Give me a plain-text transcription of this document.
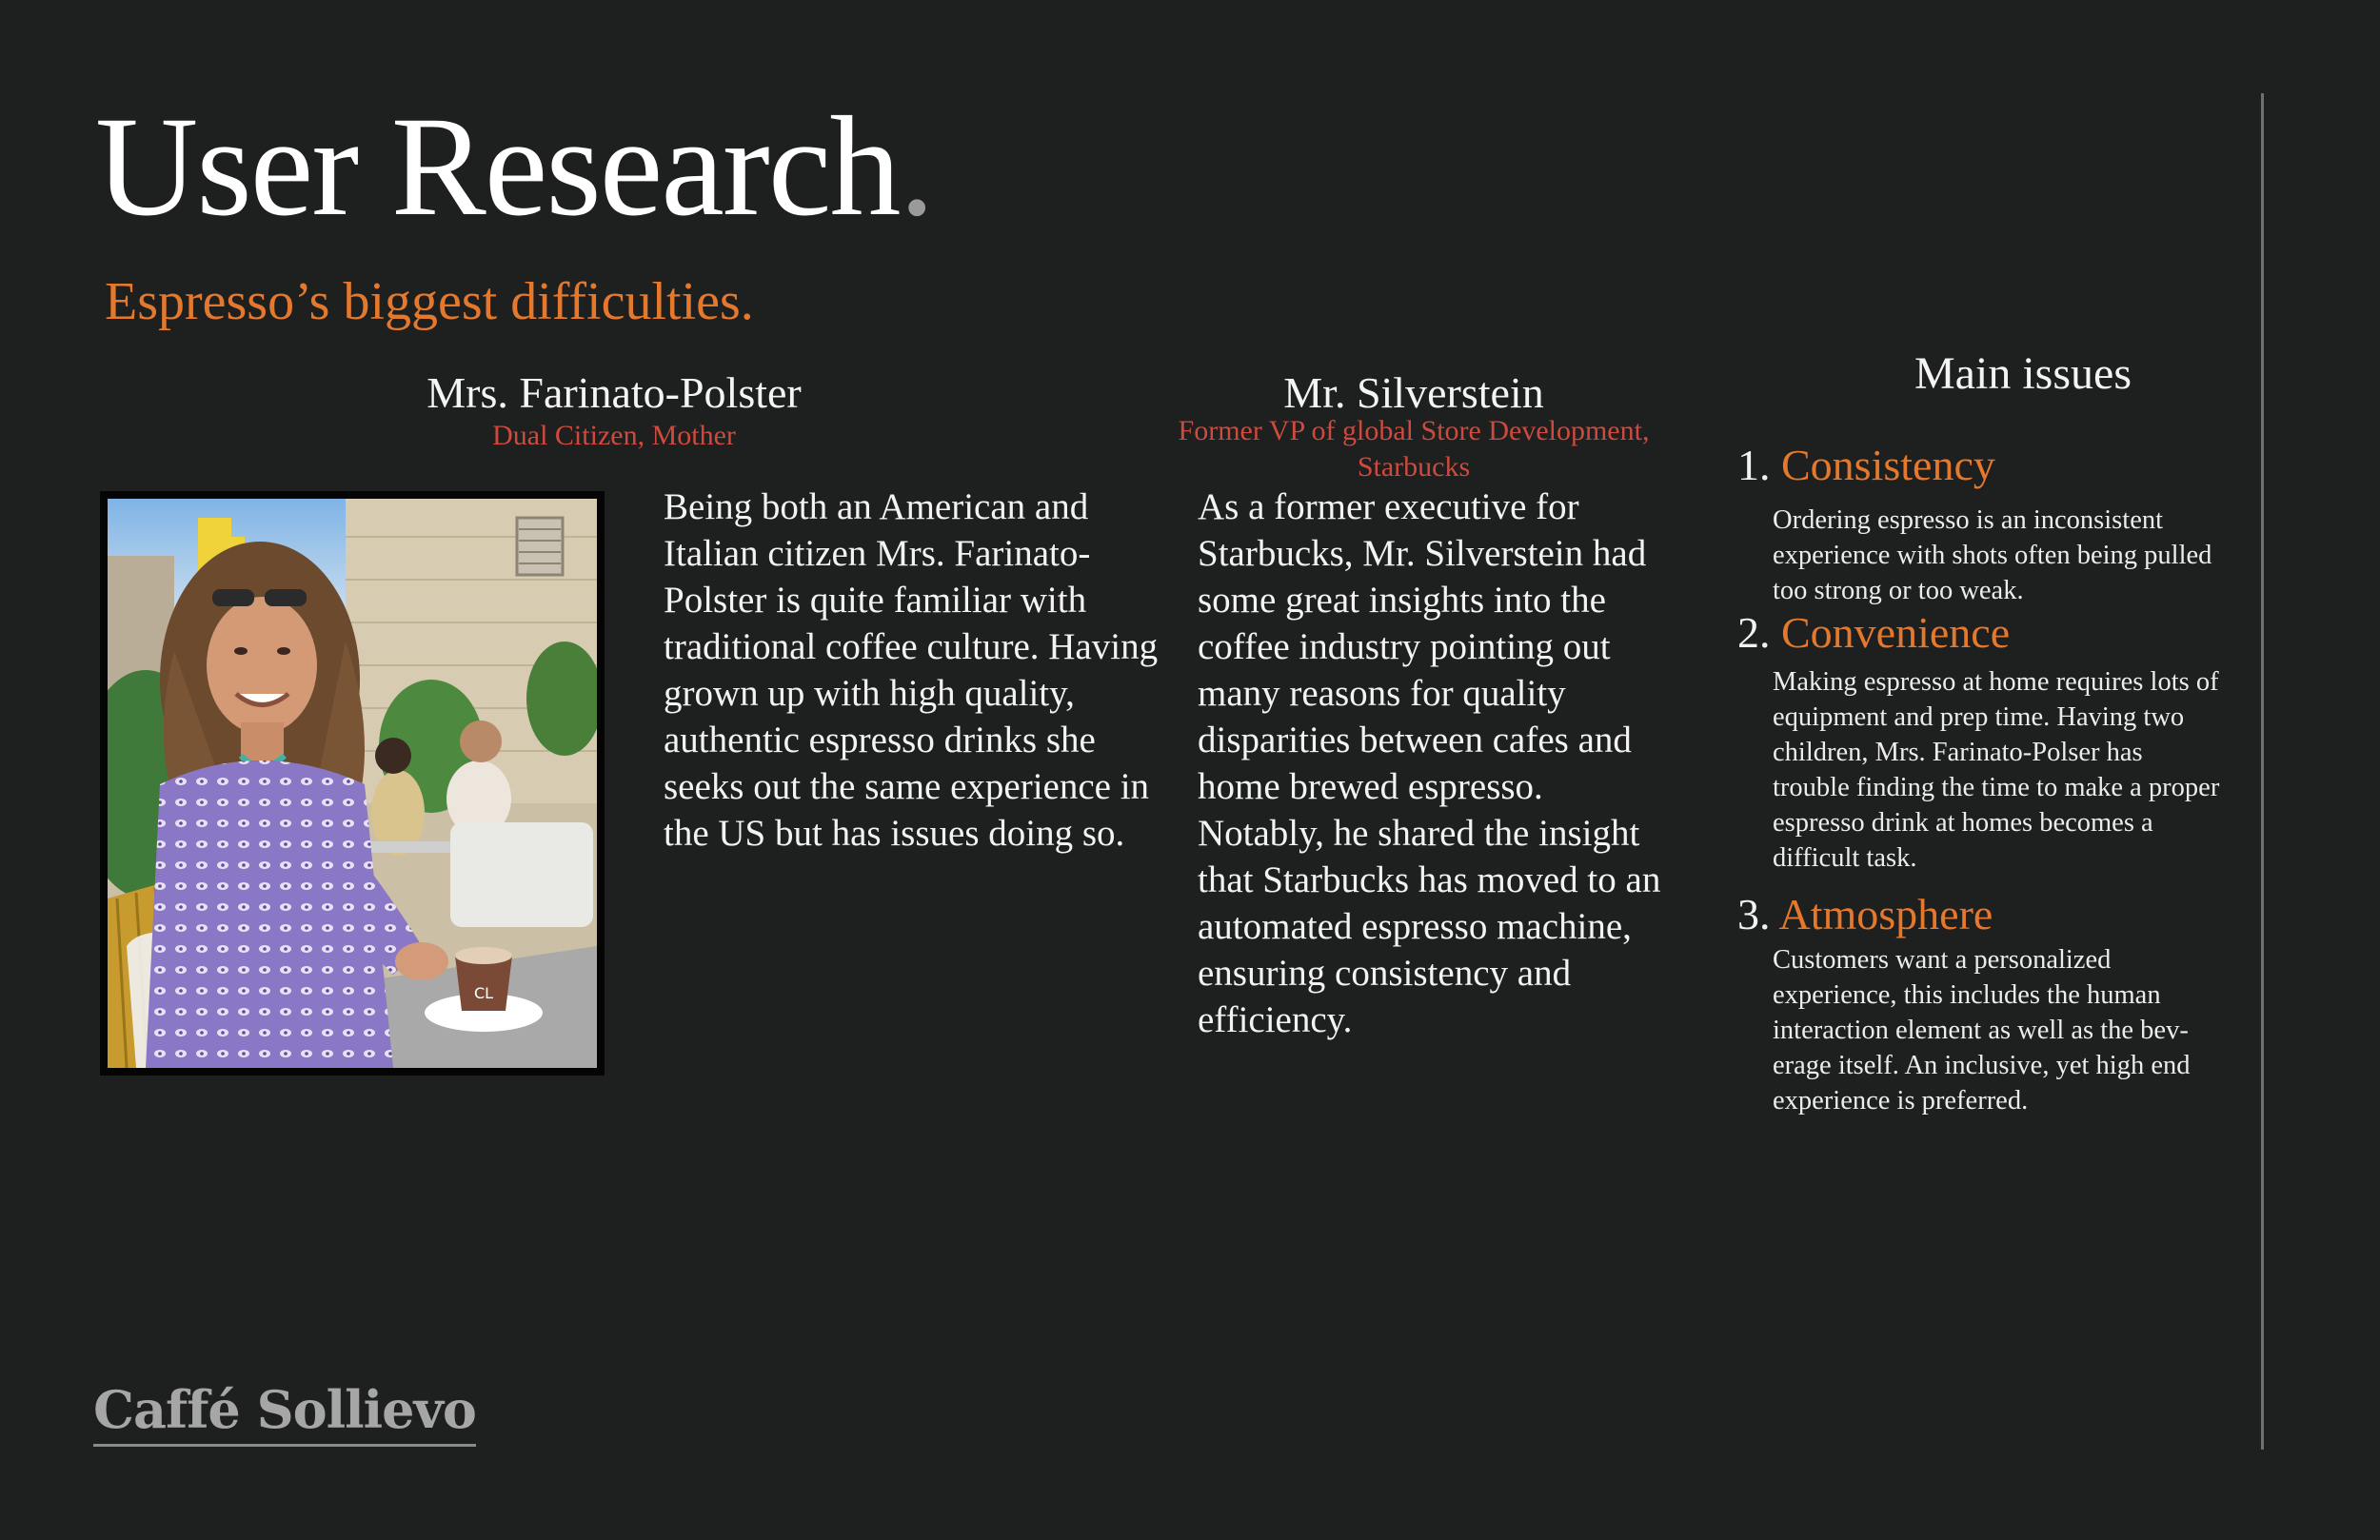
User Research.
Espresso’s biggest difficulties.
Mrs. Farinato-Polster
Dual Citizen, Mother
CL
Being both an American and Italian citizen Mrs. Farinato-Polster is quite familiar with traditional coffee culture. Having grown up with high quality, authentic espresso drinks she seeks out the same experience in the US but has issues doing so.
Mr. Silverstein
Former VP of global Store Development, Starbucks
As a former executive for Starbucks, Mr. Silverstein had some great insights into the coffee industry pointing out many reasons for quality disparities between cafes and home brewed espresso. Notably, he shared the insight that Starbucks has moved to an automated espresso machine, ensuring consistency and efficiency.
Main issues
1. Consistency
Ordering espresso is an inconsistent experience with shots often being pulled too strong or too weak.
2. Convenience
Making espresso at home requires lots of equipment and prep time. Having two children, Mrs. Farinato-Polser has trouble finding the time to make a proper espresso drink at homes becomes a difficult task.
3. Atmosphere
Customers want a personalized experience, this includes the human interaction element as well as the beverage itself. An inclusive, yet high end experience is preferred.
Caffé Sollievo
